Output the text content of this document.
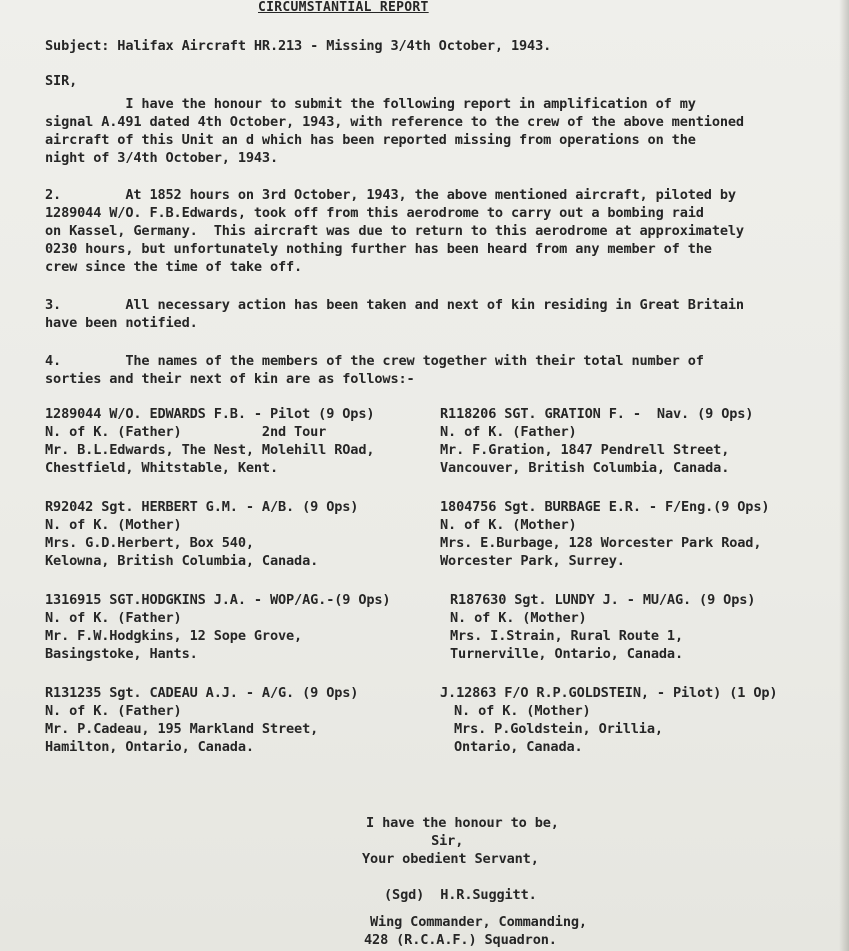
CIRCUMSTANTIAL REPORT
Subject: Halifax Aircraft HR.213 - Missing 3/4th October, 1943.
SIR,
I have the honour to submit the following report in amplification of my
signal A.491 dated 4th October, 1943, with reference to the crew of the above mentioned
aircraft of this Unit an d which has been reported missing from operations on the
night of 3/4th October, 1943.
2.        At 1852 hours on 3rd October, 1943, the above mentioned aircraft, piloted by
1289044 W/O. F.B.Edwards, took off from this aerodrome to carry out a bombing raid
on Kassel, Germany.  This aircraft was due to return to this aerodrome at approximately
0230 hours, but unfortunately nothing further has been heard from any member of the
crew since the time of take off.
3.        All necessary action has been taken and next of kin residing in Great Britain
have been notified.
4.        The names of the members of the crew together with their total number of
sorties and their next of kin are as follows:-
1289044 W/O. EDWARDS F.B. - Pilot (9 Ops)
N. of K. (Father)          2nd Tour
Mr. B.L.Edwards, The Nest, Molehill ROad,
Chestfield, Whitstable, Kent.
R118206 SGT. GRATION F. -  Nav. (9 Ops)
N. of K. (Father)
Mr. F.Gration, 1847 Pendrell Street,
Vancouver, British Columbia, Canada.
R92042 Sgt. HERBERT G.M. - A/B. (9 Ops)
N. of K. (Mother)
Mrs. G.D.Herbert, Box 540,
Kelowna, British Columbia, Canada.
1804756 Sgt. BURBAGE E.R. - F/Eng.(9 Ops)
N. of K. (Mother)
Mrs. E.Burbage, 128 Worcester Park Road,
Worcester Park, Surrey.
1316915 SGT.HODGKINS J.A. - WOP/AG.-(9 Ops)
N. of K. (Father)
Mr. F.W.Hodgkins, 12 Sope Grove,
Basingstoke, Hants.
R187630 Sgt. LUNDY J. - MU/AG. (9 Ops)
N. of K. (Mother)
Mrs. I.Strain, Rural Route 1,
Turnerville, Ontario, Canada.
R131235 Sgt. CADEAU A.J. - A/G. (9 Ops)
N. of K. (Father)
Mr. P.Cadeau, 195 Markland Street,
Hamilton, Ontario, Canada.
J.12863 F/O R.P.GOLDSTEIN, - Pilot) (1 Op)
N. of K. (Mother)
Mrs. P.Goldstein, Orillia,
Ontario, Canada.
I have the honour to be,
Sir,
Your obedient Servant,
(Sgd)  H.R.Suggitt.
Wing Commander, Commanding,
428 (R.C.A.F.) Squadron.
